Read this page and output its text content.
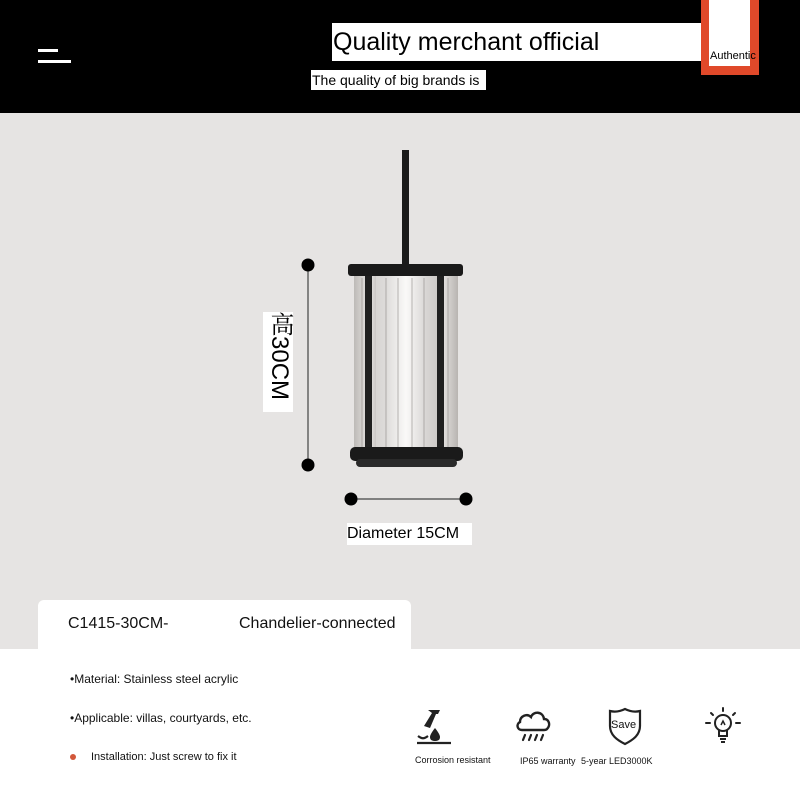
Quality merchant official
The quality of big brands is
Authentic
高30CM
Diameter 15CM
C1415-30CM-	Chandelier-connected
•Material: Stainless steel acrylic
•Applicable: villas, courtyards, etc.
Installation: Just screw to fix it
Save
Corrosion resistant	IP65 warranty 5-year LED3000K
